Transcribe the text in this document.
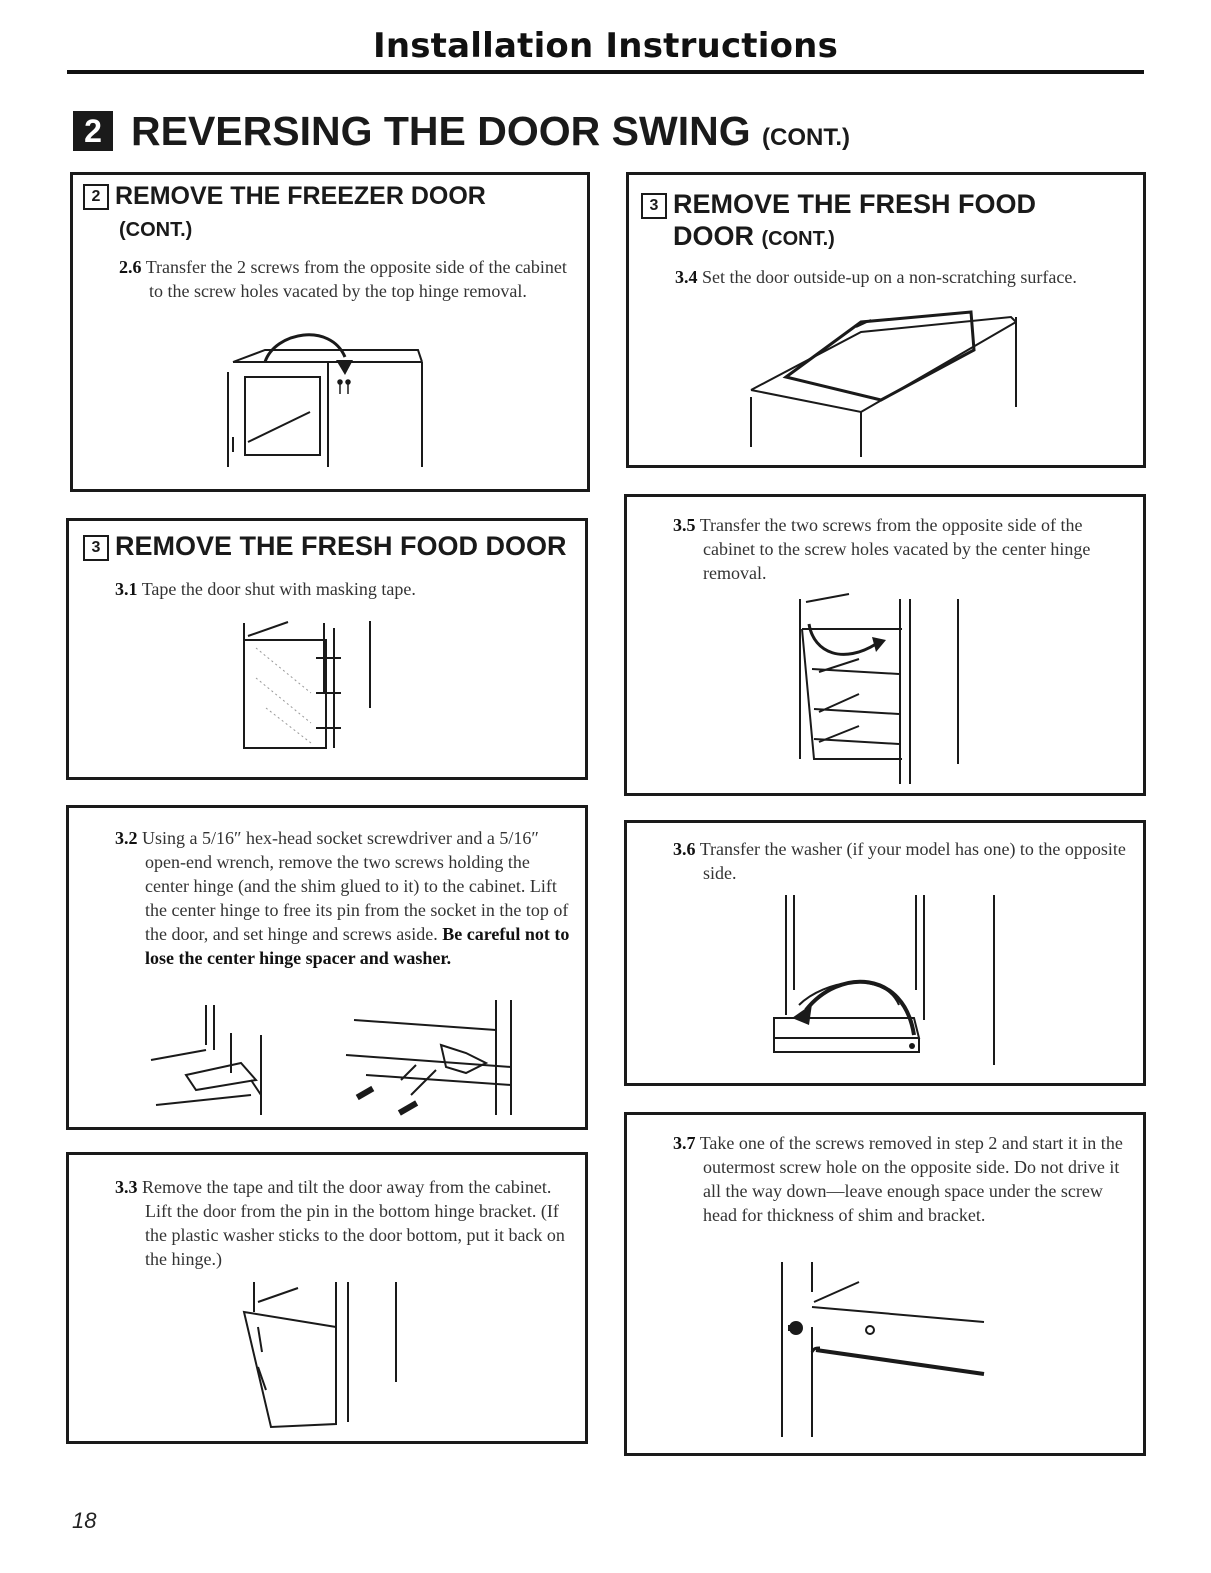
Installation Instructions
2 REVERSING THE DOOR SWING (CONT.)
2 REMOVE THE FREEZER DOOR
(CONT.)

2.6 Transfer the 2 screws from the opposite side of the cabinet to the screw holes vacated by the top hinge removal.

3 REMOVE THE FRESH FOOD DOOR

3.1 Tape the door shut with masking tape.

3.2 Using a 5/16″ hex-head socket screwdriver and a 5/16″ open-end wrench, remove the two screws holding the center hinge (and the shim glued to it) to the cabinet. Lift the center hinge to free its pin from the socket in the top of the door, and set hinge and screws aside. Be careful not to lose the center hinge spacer and washer.

3.3 Remove the tape and tilt the door away from the cabinet. Lift the door from the pin in the bottom hinge bracket. (If the plastic washer sticks to the door bottom, put it back on the hinge.)

3 REMOVE THE FRESH FOOD
DOOR (CONT.)

3.4 Set the door outside-up on a non-scratching surface.

3.5 Transfer the two screws from the opposite side of the cabinet to the screw holes vacated by the center hinge removal.

3.6 Transfer the washer (if your model has one) to the opposite side.

3.7 Take one of the screws removed in step 2 and start it in the outermost screw hole on the opposite side. Do not drive it all the way down—leave enough space under the screw head for thickness of shim and bracket.

18
